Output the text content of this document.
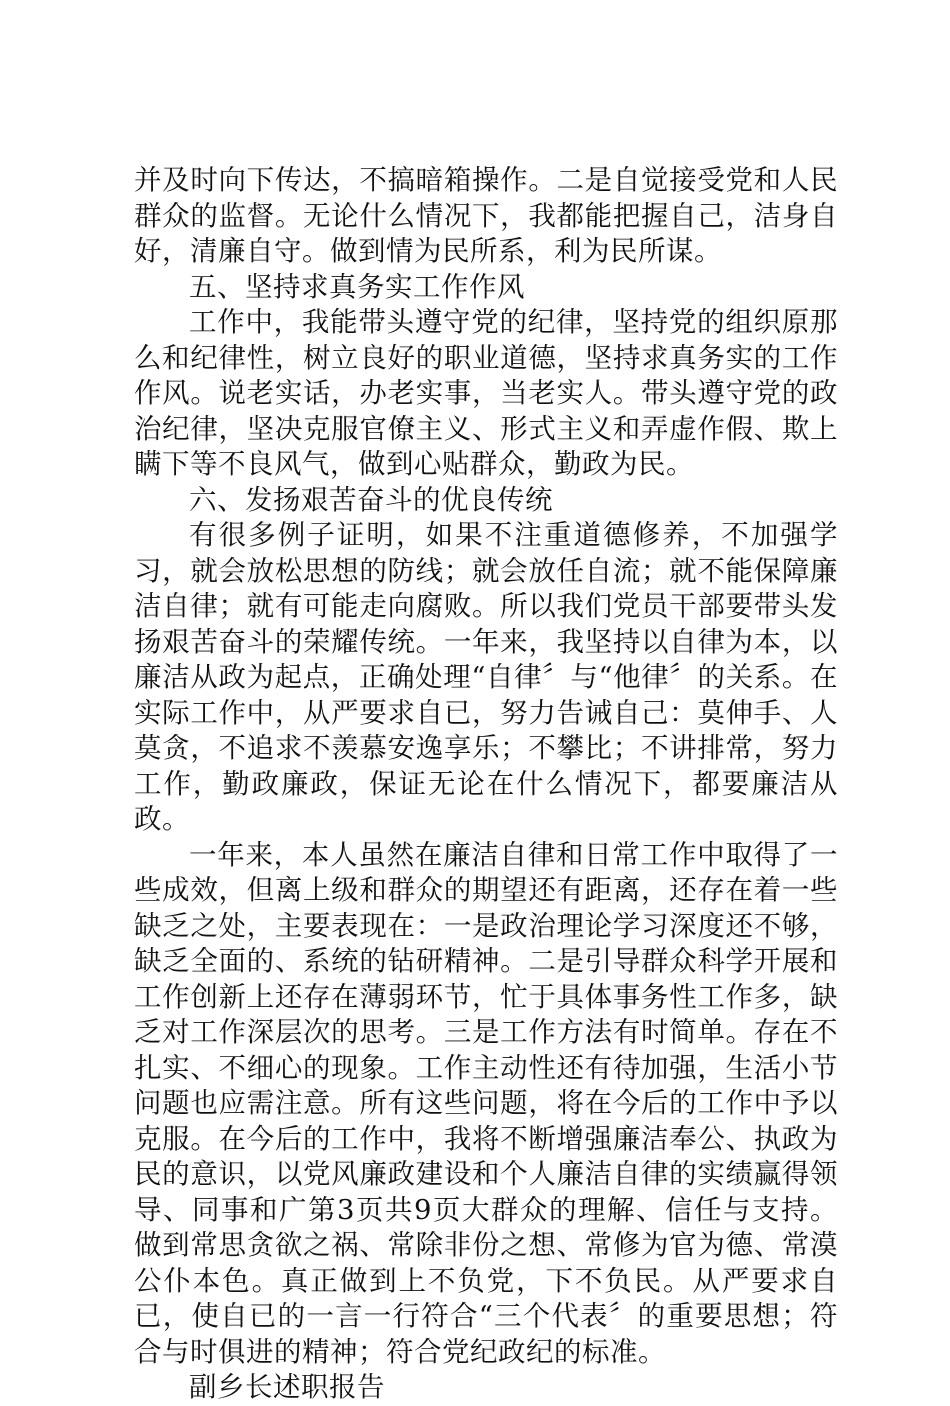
并及时向下传达，不搞暗箱操作。二是自觉接受党和人民群众的监督。无论什么情况下，我都能把握自己，洁身自好，清廉自守。做到情为民所系，利为民所谋。

五、坚持求真务实工作作风

工作中，我能带头遵守党的纪律，坚持党的组织原那么和纪律性，树立良好的职业道德，坚持求真务实的工作作风。说老实话，办老实事，当老实人。带头遵守党的政治纪律，坚决克服官僚主义、形式主义和弄虚作假、欺上瞒下等不良风气，做到心贴群众，勤政为民。

六、发扬艰苦奋斗的优良传统

有很多例子证明，如果不注重道德修养，不加强学习，就会放松思想的防线；就会放任自流；就不能保障廉洁自律；就有可能走向腐败。所以我们党员干部要带头发扬艰苦奋斗的荣耀传统。一年来，我坚持以自律为本，以廉洁从政为起点，正确处理“自律〞与“他律〞的关系。在实际工作中，从严要求自已，努力告诫自己：莫伸手、人莫贪，不追求不羡慕安逸享乐；不攀比；不讲排常，努力工作，勤政廉政，保证无论在什么情况下，都要廉洁从政。

一年来，本人虽然在廉洁自律和日常工作中取得了一些成效，但离上级和群众的期望还有距离，还存在着一些缺乏之处，主要表现在：一是政治理论学习深度还不够，缺乏全面的、系统的钻研精神。二是引导群众科学开展和工作创新上还存在薄弱环节，忙于具体事务性工作多，缺乏对工作深层次的思考。三是工作方法有时简单。存在不扎实、不细心的现象。工作主动性还有待加强，生活小节问题也应需注意。所有这些问题，将在今后的工作中予以克服。在今后的工作中，我将不断增强廉洁奉公、执政为民的意识，以党风廉政建设和个人廉洁自律的实绩赢得领导、同事和广第3页共9页大群众的理解、信任与支持。做到常思贪欲之祸、常除非份之想、常修为官为德、常漠公仆本色。真正做到上不负党，下不负民。从严要求自已，使自已的一言一行符合“三个代表〞的重要思想；符合与时俱进的精神；符合党纪政纪的标准。

副乡长述职报告
